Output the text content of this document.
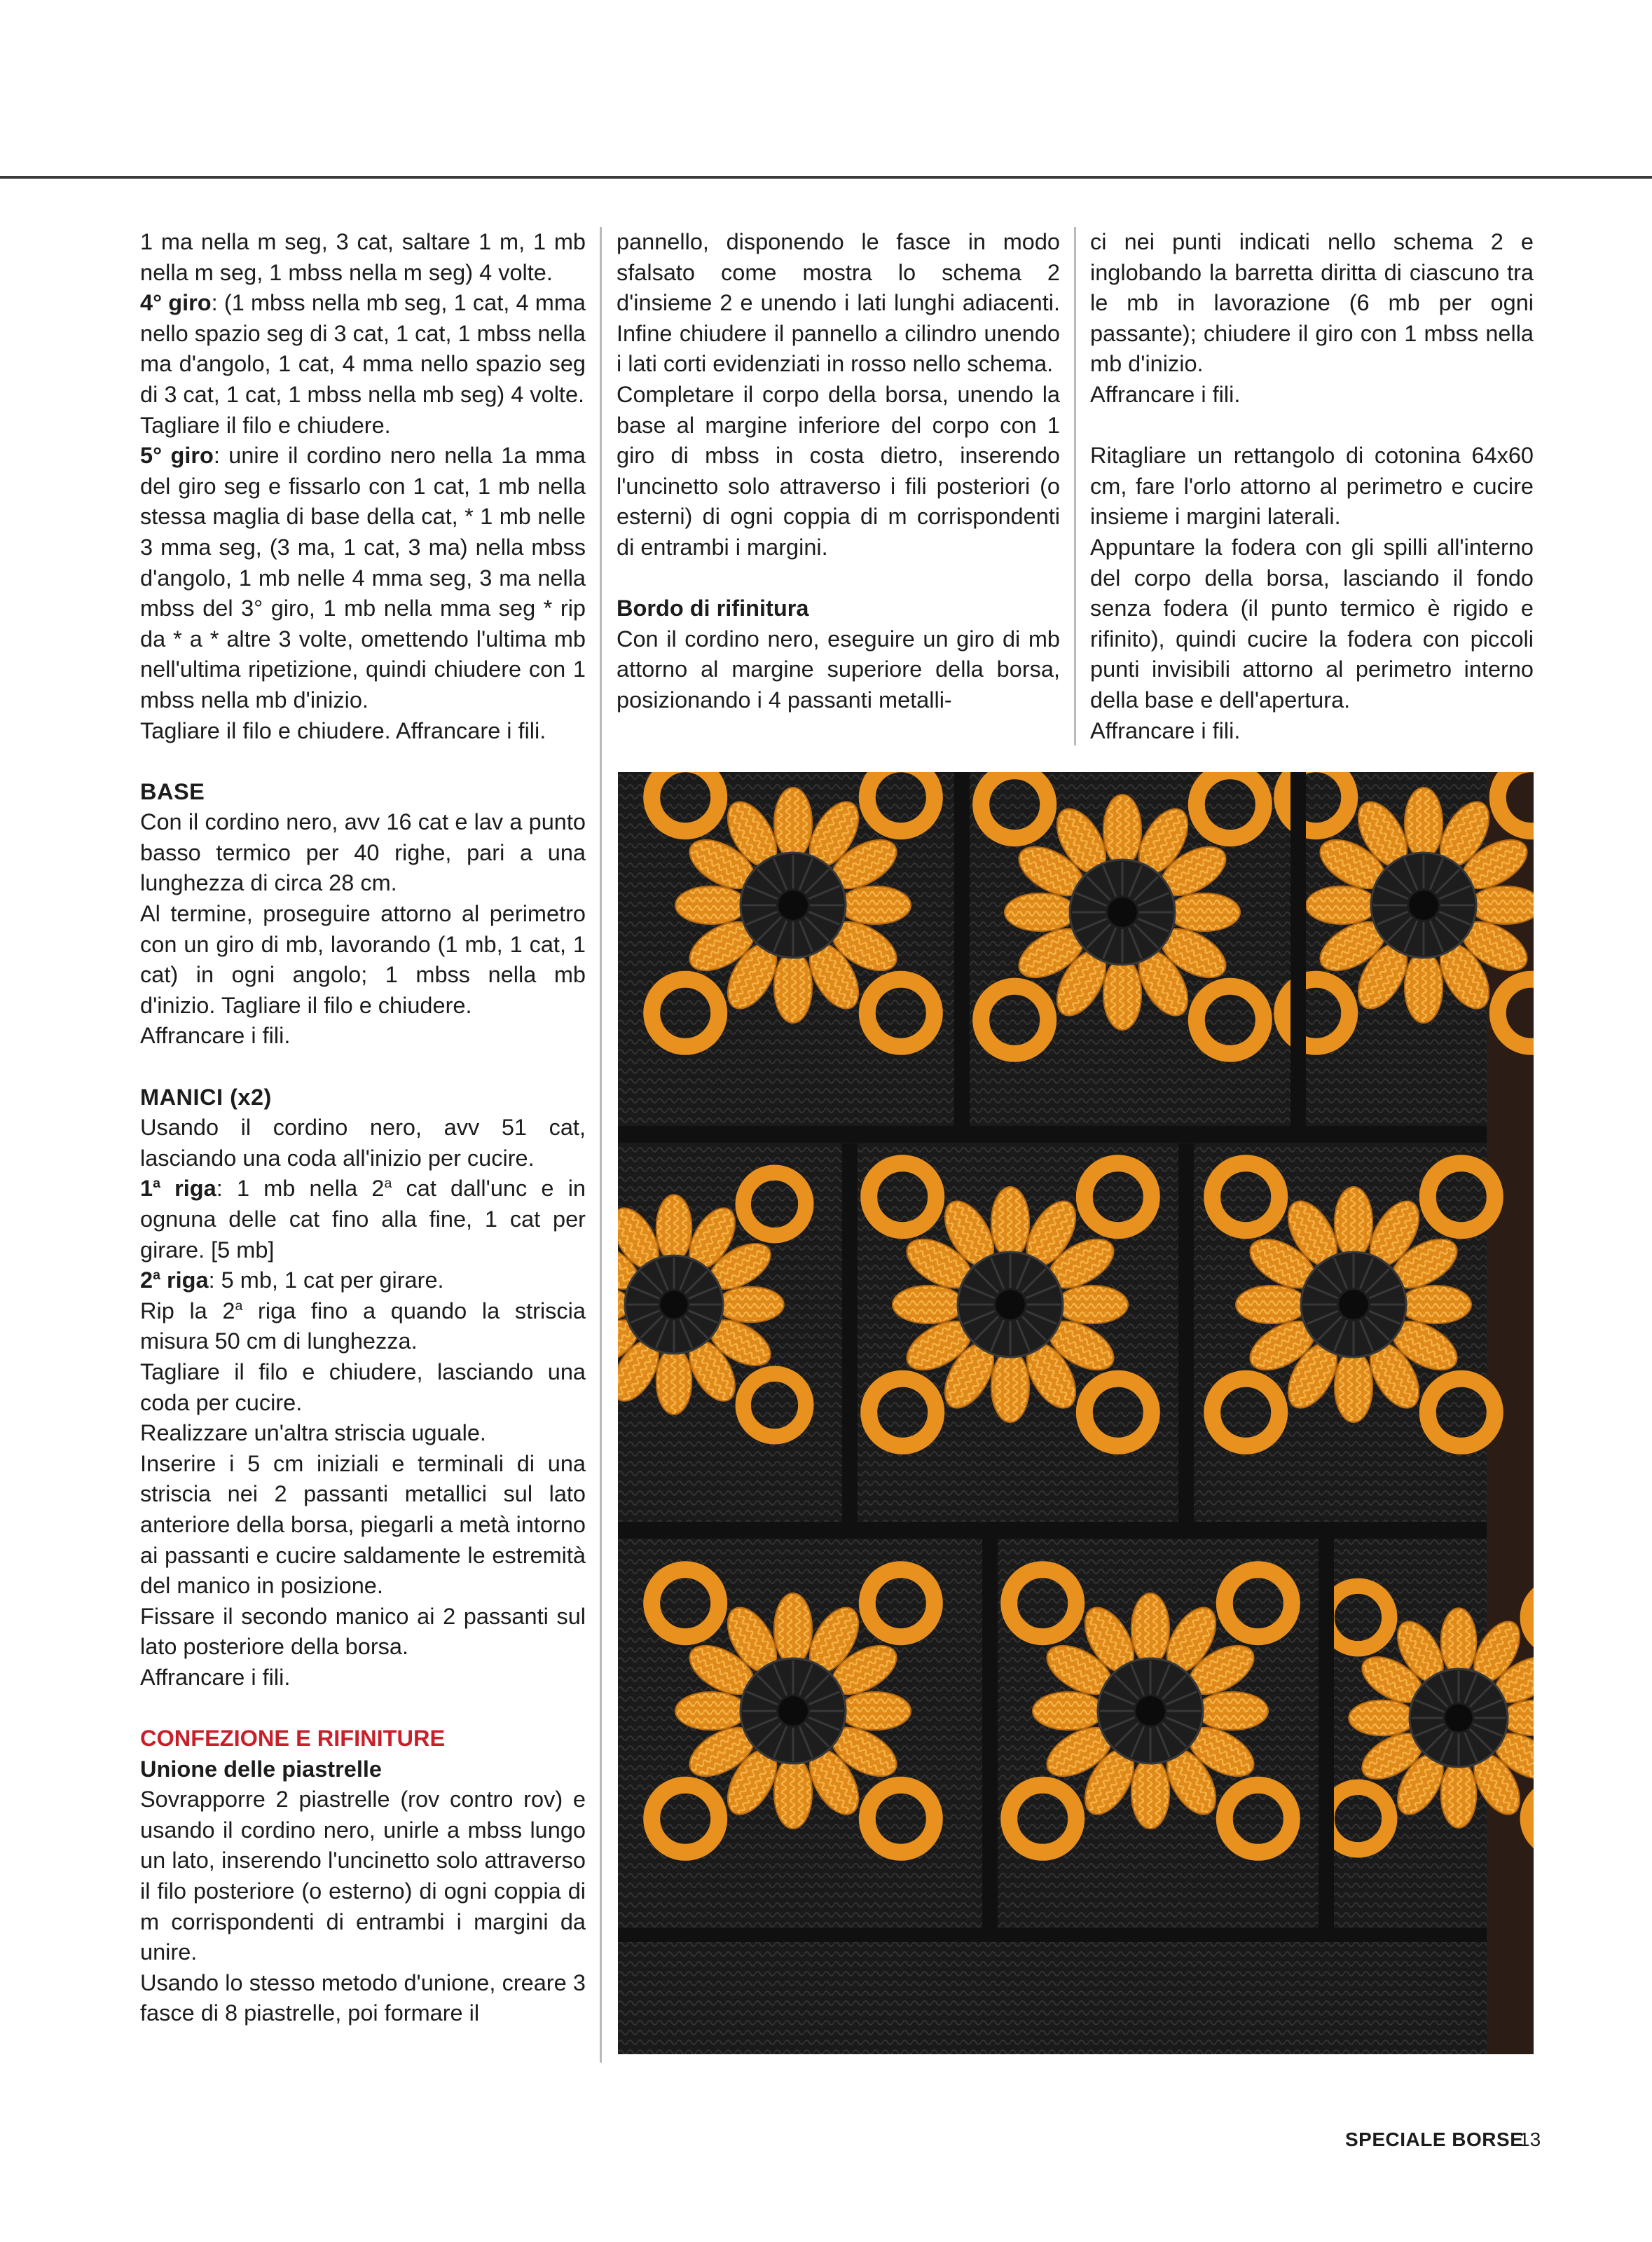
1 ma nella m seg, 3 cat, saltare 1 m, 1 mb nella m seg, 1 mbss nella m seg) 4 volte.

4° giro: (1 mbss nella mb seg, 1 cat, 4 mma nello spazio seg di 3 cat, 1 cat, 1 mbss nella ma d'angolo, 1 cat, 4 mma nello spazio seg di 3 cat, 1 cat, 1 mbss nella mb seg) 4 volte.

Tagliare il filo e chiudere.

5° giro: unire il cordino nero nella 1a mma del giro seg e fissarlo con 1 cat, 1 mb nella stessa maglia di base della cat, * 1 mb nelle 3 mma seg, (3 ma, 1 cat, 3 ma) nella mbss d'angolo, 1 mb nelle 4 mma seg, 3 ma nella mbss del 3° giro, 1 mb nella mma seg * rip da * a * altre 3 volte, omettendo l'ultima mb nell'ultima ripetizione, quindi chiudere con 1 mbss nella mb d'inizio.

Tagliare il filo e chiudere. Affrancare i fili.

BASE

Con il cordino nero, avv 16 cat e lav a punto basso termico per 40 righe, pari a una lunghezza di circa 28 cm.

Al termine, proseguire attorno al perimetro con un giro di mb, lavorando (1 mb, 1 cat, 1 cat) in ogni angolo; 1 mbss nella mb d'inizio. Tagliare il filo e chiudere.

Affrancare i fili.

MANICI (x2)

Usando il cordino nero, avv 51 cat, lasciando una coda all'inizio per cucire.

1$^a$ riga: 1 mb nella 2$^a$ cat dall'unc e in ognuna delle cat fino alla fine, 1 cat per girare. [5 mb]

2$^a$ riga: 5 mb, 1 cat per girare.

Rip la 2$^a$ riga fino a quando la striscia misura 50 cm di lunghezza.

Tagliare il filo e chiudere, lasciando una coda per cucire.

Realizzare un'altra striscia uguale.

Inserire i 5 cm iniziali e terminali di una striscia nei 2 passanti metallici sul lato anteriore della borsa, piegarli a metà intorno ai passanti e cucire saldamente le estremità del manico in posizione.

Fissare il secondo manico ai 2 passanti sul lato posteriore della borsa.

Affrancare i fili.

CONFEZIONE E RIFINITURE

Unione delle piastrelle

Sovrapporre 2 piastrelle (rov contro rov) e usando il cordino nero, unirle a mbss lungo un lato, inserendo l'uncinetto solo attraverso il filo posteriore (o esterno) di ogni coppia di m corrispondenti di entrambi i margini da unire.

Usando lo stesso metodo d'unione, creare 3 fasce di 8 piastrelle, poi formare il

pannello, disponendo le fasce in modo sfalsato come mostra lo schema 2 d'insieme 2 e unendo i lati lunghi adiacenti. Infine chiudere il pannello a cilindro unendo i lati corti evidenziati in rosso nello schema.

Completare il corpo della borsa, unendo la base al margine inferiore del corpo con 1 giro di mbss in costa dietro, inserendo l'uncinetto solo attraverso i fili posteriori (o esterni) di ogni coppia di m corrispondenti di entrambi i margini.

Bordo di rifinitura

Con il cordino nero, eseguire un giro di mb attorno al margine superiore della borsa, posizionando i 4 passanti metalli-

ci nei punti indicati nello schema 2 e inglobando la barretta diritta di ciascuno tra le mb in lavorazione (6 mb per ogni passante); chiudere il giro con 1 mbss nella mb d'inizio.

Affrancare i fili.

Ritagliare un rettangolo di cotonina 64x60 cm, fare l'orlo attorno al perimetro e cucire insieme i margini laterali.

Appuntare la fodera con gli spilli all'interno del corpo della borsa, lasciando il fondo senza fodera (il punto termico è rigido e rifinito), quindi cucire la fodera con piccoli punti invisibili attorno al perimetro interno della base e dell'apertura.

Affrancare i fili.

SPECIALE BORSE
13
